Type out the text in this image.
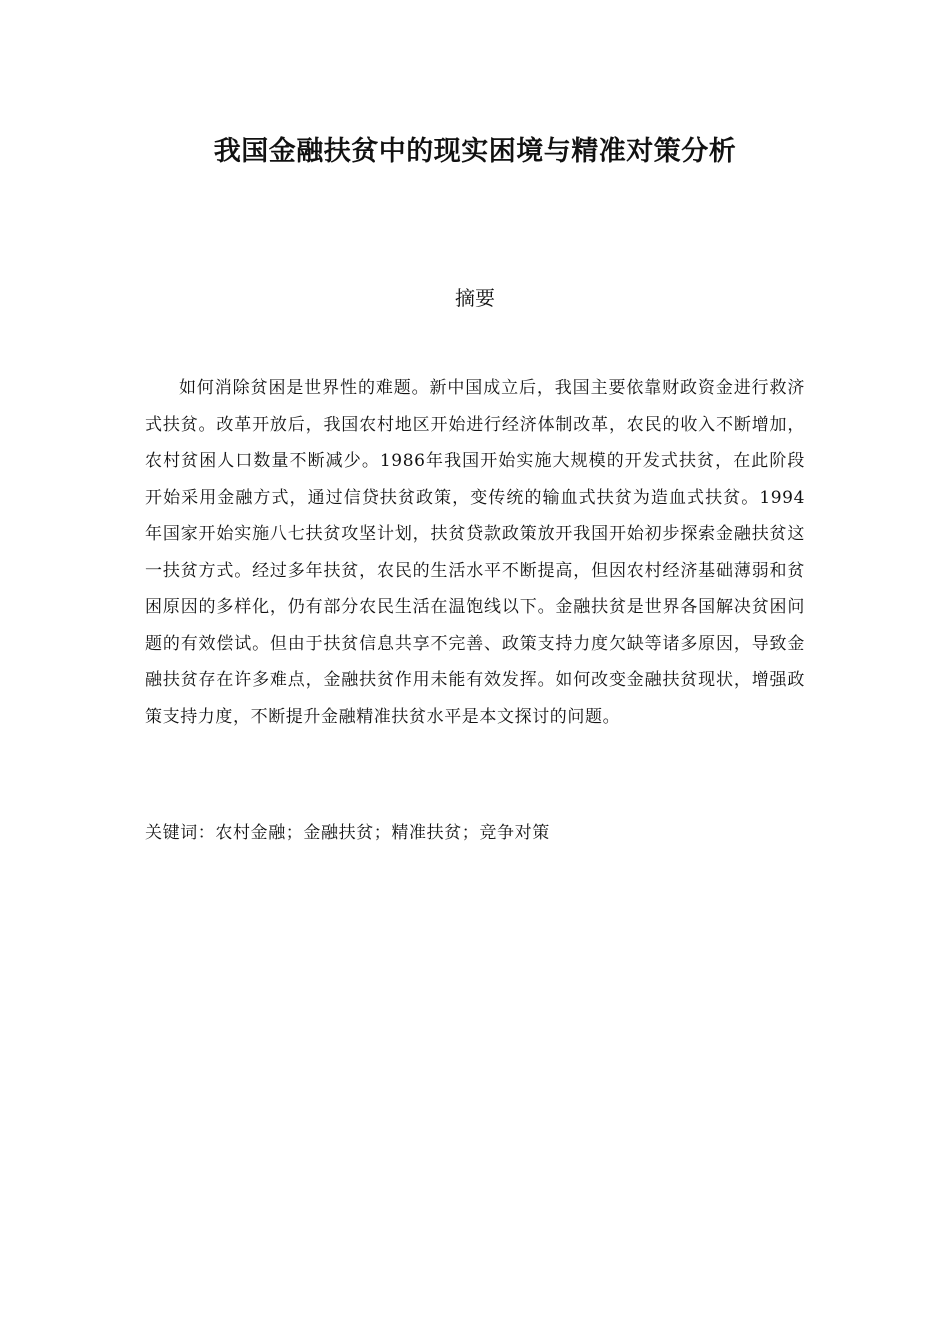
我国金融扶贫中的现实困境与精准对策分析
摘要

如何消除贫困是世界性的难题。新中国成立后，我国主要依靠财政资金进行救济式扶贫。改革开放后，我国农村地区开始进行经济体制改革，农民的收入不断增加，农村贫困人口数量不断减少。1986年我国开始实施大规模的开发式扶贫，在此阶段开始采用金融方式，通过信贷扶贫政策，变传统的输血式扶贫为造血式扶贫。1994年国家开始实施八七扶贫攻坚计划，扶贫贷款政策放开我国开始初步探索金融扶贫这一扶贫方式。经过多年扶贫，农民的生活水平不断提高，但因农村经济基础薄弱和贫困原因的多样化，仍有部分农民生活在温饱线以下。金融扶贫是世界各国解决贫困问题的有效偿试。但由于扶贫信息共享不完善、政策支持力度欠缺等诸多原因，导致金融扶贫存在许多难点，金融扶贫作用未能有效发挥。如何改变金融扶贫现状，增强政策支持力度，不断提升金融精准扶贫水平是本文探讨的问题。

关键词：农村金融；金融扶贫；精准扶贫；竞争对策
